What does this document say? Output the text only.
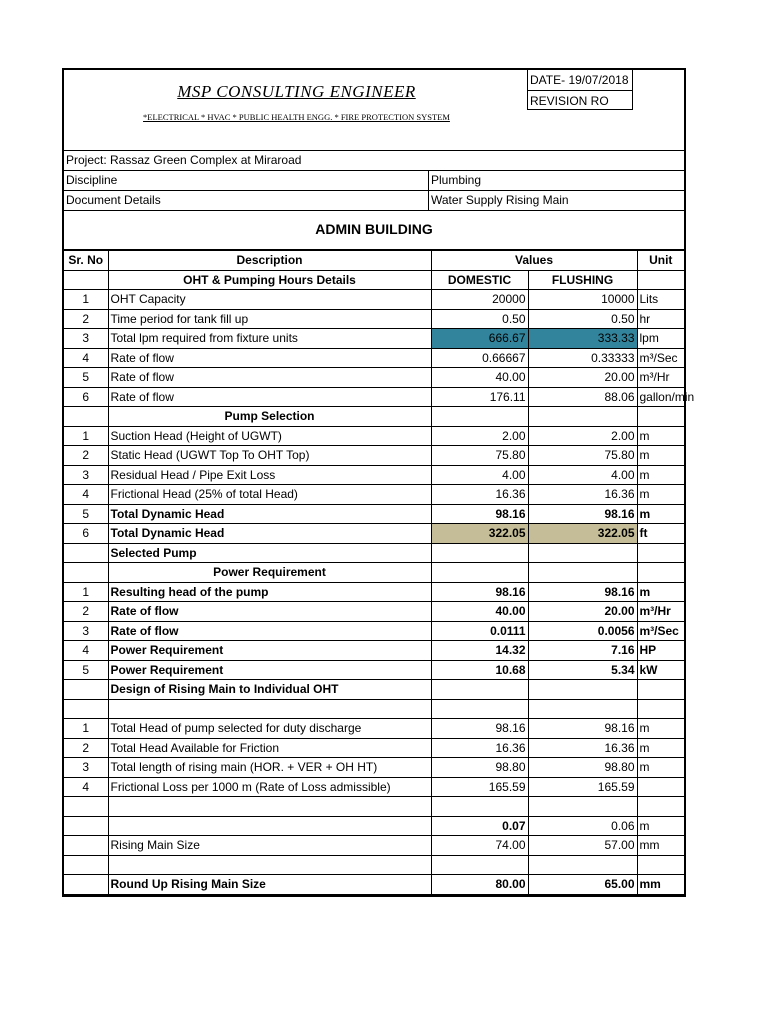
MSP CONSULTING ENGINEER
*ELECTRICAL * HVAC * PUBLIC HEALTH ENGG. * FIRE PROTECTION SYSTEM
DATE- 19/07/2018
REVISION RO
Project: Rassaz Green Complex at Miraroad
Discipline	Plumbing
Document Details	Water Supply Rising Main
ADMIN BUILDING
Sr. No	Description	Values		Unit
	OHT & Pumping Hours Details	DOMESTIC	FLUSHING	
1	OHT Capacity	20000	10000	Lits
2	Time period for tank fill up	0.50	0.50	hr
3	Total lpm required from fixture units	666.67	333.33	lpm
4	Rate of flow	0.66667	0.33333	m³/Sec
5	Rate of flow	40.00	20.00	m³/Hr
6	Rate of flow	176.11	88.06	gallon/min
	Pump Selection			
1	Suction Head (Height of UGWT)	2.00	2.00	m
2	Static Head (UGWT Top To OHT Top)	75.80	75.80	m
3	Residual Head / Pipe Exit Loss	4.00	4.00	m
4	Frictional Head (25% of total Head)	16.36	16.36	m
5	Total Dynamic Head	98.16	98.16	m
6	Total Dynamic Head	322.05	322.05	ft
	Selected Pump			
	Power Requirement			
1	Resulting head of the pump	98.16	98.16	m
2	Rate of flow	40.00	20.00	m³/Hr
3	Rate of flow	0.0111	0.0056	m³/Sec
4	Power Requirement	14.32	7.16	HP
5	Power Requirement	10.68	5.34	kW
	Design of Rising Main to Individual OHT			

1	Total Head of pump selected for duty discharge	98.16	98.16	m
2	Total Head Available for Friction	16.36	16.36	m
3	Total length of rising main (HOR. + VER + OH HT)	98.80	98.80	m
4	Frictional Loss per 1000 m (Rate of Loss admissible)	165.59	165.59	

		0.07	0.06	m
	Rising Main Size	74.00	57.00	mm

	Round Up Rising Main Size	80.00	65.00	mm
